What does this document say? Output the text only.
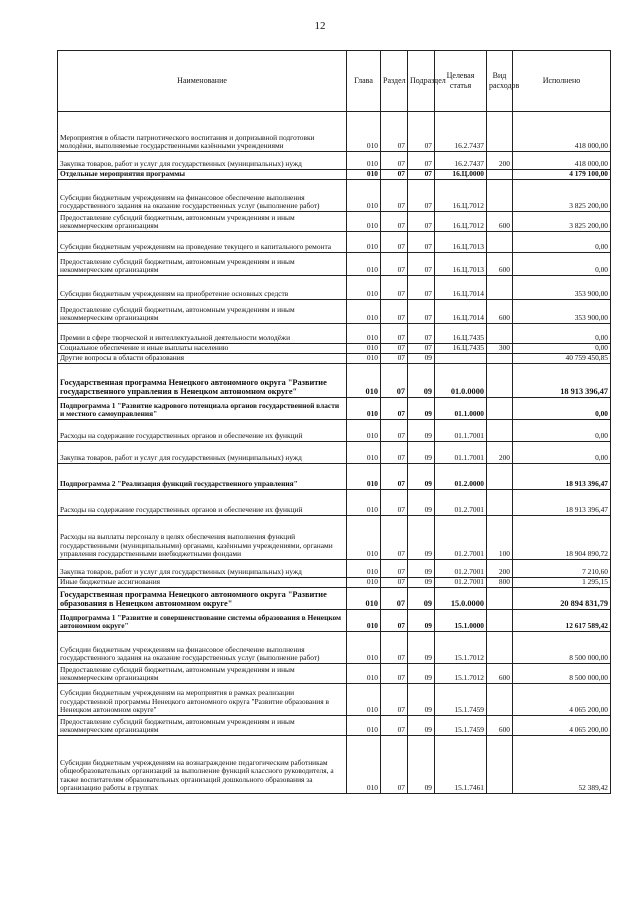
12
Наименование	Глава	Раздел	Подраздел	Целевая статья	Вид расходов	Исполнено
Мероприятия в области патриотического воспитания и допризывной подготовки молодёжи, выполняемые государственными казёнными учреждениями	010	07	07	16.2.7437		418 000,00
Закупка товаров, работ и услуг для государственных (муниципальных) нужд	010	07	07	16.2.7437	200	418 000,00
Отдельные мероприятия программы	010	07	07	16.Ц.0000		4 179 100,00
Субсидии бюджетным учреждениям на финансовое обеспечение выполнения государственного задания на оказание государственных услуг (выполнение работ)	010	07	07	16.Ц.7012		3 825 200,00
Предоставление субсидий бюджетным, автономным учреждениям и иным некоммерческим организациям	010	07	07	16.Ц.7012	600	3 825 200,00
Субсидии бюджетным учреждениям на проведение текущего и капитального ремонта	010	07	07	16.Ц.7013		0,00
Предоставление субсидий бюджетным, автономным учреждениям и иным некоммерческим организациям	010	07	07	16.Ц.7013	600	0,00
Субсидии бюджетным учреждениям на приобретение основных средств	010	07	07	16.Ц.7014		353 900,00
Предоставление субсидий бюджетным, автономным учреждениям и иным некоммерческим организациям	010	07	07	16.Ц.7014	600	353 900,00
Премии в сфере творческой и интеллектуальной деятельности молодёжи	010	07	07	16.Ц.7435		0,00
Социальное обеспечение и иные выплаты населению	010	07	07	16.Ц.7435	300	0,00
Другие вопросы в области образования	010	07	09			40 759 450,85
Государственная программа Ненецкого автономного округа "Развитие государственного управления в Ненецком автономном округе"	010	07	09	01.0.0000		18 913 396,47
Подпрограмма 1 "Развитие кадрового потенциала органов государственной власти и местного самоуправления"	010	07	09	01.1.0000		0,00
Расходы на содержание государственных органов и обеспечение их функций	010	07	09	01.1.7001		0,00
Закупка товаров, работ и услуг для государственных (муниципальных) нужд	010	07	09	01.1.7001	200	0,00
Подпрограмма 2 "Реализация функций государственного управления"	010	07	09	01.2.0000		18 913 396,47
Расходы на содержание государственных органов и обеспечение их функций	010	07	09	01.2.7001		18 913 396,47
Расходы на выплаты персоналу в целях обеспечения выполнения функций государственными (муниципальными) органами, казёнными учреждениями, органами управления государственными внебюджетными фондами	010	07	09	01.2.7001	100	18 904 890,72
Закупка товаров, работ и услуг для государственных (муниципальных) нужд	010	07	09	01.2.7001	200	7 210,60
Иные бюджетные ассигнования	010	07	09	01.2.7001	800	1 295,15
Государственная программа Ненецкого автономного округа "Развитие образования в Ненецком автономном округе"	010	07	09	15.0.0000		20 894 831,79
Подпрограмма 1 "Развитие и совершенствование системы образования в Ненецком автономном округе"	010	07	09	15.1.0000		12 617 589,42
Субсидии бюджетным учреждениям на финансовое обеспечение выполнения государственного задания на оказание государственных услуг (выполнение работ)	010	07	09	15.1.7012		8 500 000,00
Предоставление субсидий бюджетным, автономным учреждениям и иным некоммерческим организациям	010	07	09	15.1.7012	600	8 500 000,00
Субсидии бюджетным учреждениям на мероприятия в рамках реализации государственной программы Ненецкого автономного округа "Развитие образования в Ненецком автономном округе"	010	07	09	15.1.7459		4 065 200,00
Предоставление субсидий бюджетным, автономным учреждениям и иным некоммерческим организациям	010	07	09	15.1.7459	600	4 065 200,00
Субсидии бюджетным учреждениям на вознаграждение педагогическим работникам общеобразовательных организаций за выполнение функций классного руководителя, а также воспитателям образовательных организаций дошкольного образования за организацию работы в группах	010	07	09	15.1.7461		52 389,42
